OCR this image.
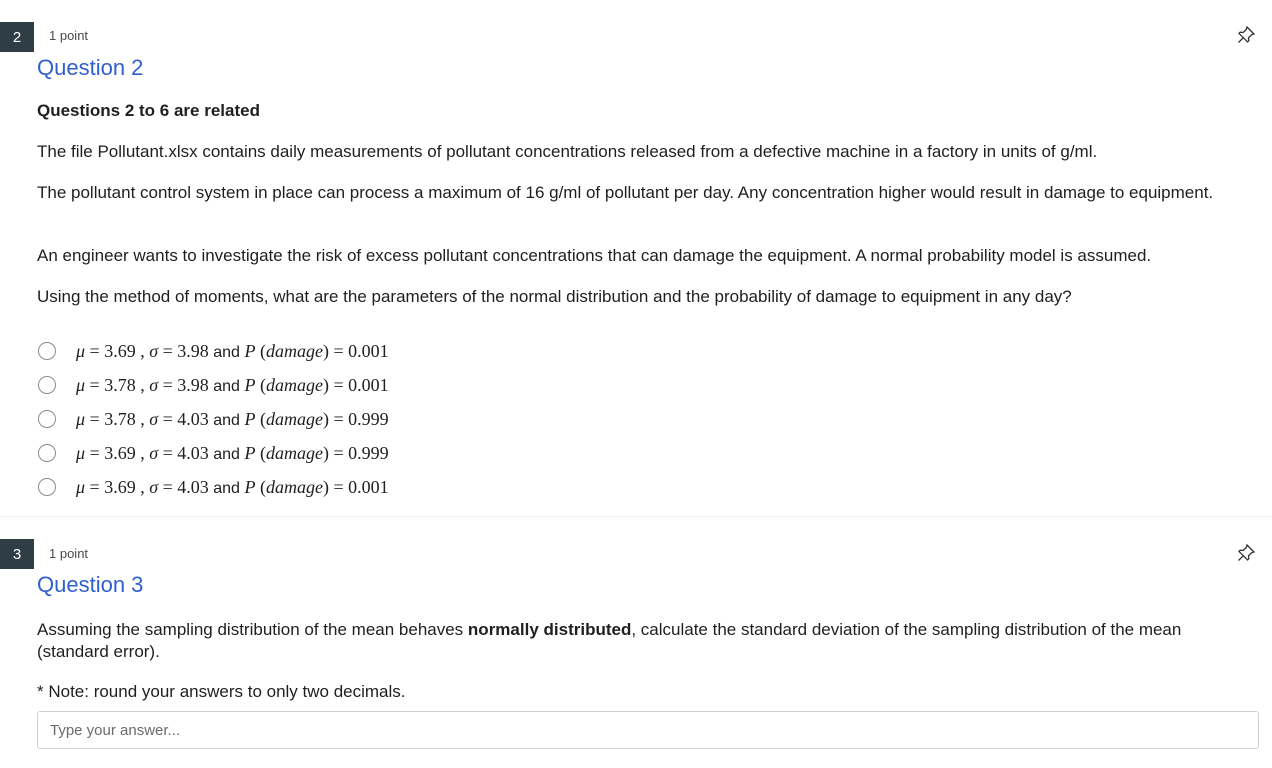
2	1 point
Question 2
Questions 2 to 6 are related
The file Pollutant.xlsx contains daily measurements of pollutant concentrations released from a defective machine in a factory in units of g/ml.
The pollutant control system in place can process a maximum of 16 g/ml of pollutant per day. Any concentration higher would result in damage to equipment.
An engineer wants to investigate the risk of excess pollutant concentrations that can damage the equipment. A normal probability model is assumed.
Using the method of moments, what are the parameters of the normal distribution and the probability of damage to equipment in any day?
μ = 3.69 , σ = 3.98 and P (damage) = 0.001
μ = 3.78 , σ = 3.98 and P (damage) = 0.001
μ = 3.78 , σ = 4.03 and P (damage) = 0.999
μ = 3.69 , σ = 4.03 and P (damage) = 0.999
μ = 3.69 , σ = 4.03 and P (damage) = 0.001
3	1 point
Question 3
Assuming the sampling distribution of the mean behaves normally distributed, calculate the standard deviation of the sampling distribution of the mean (standard error).
* Note: round your answers to only two decimals.
Type your answer...
